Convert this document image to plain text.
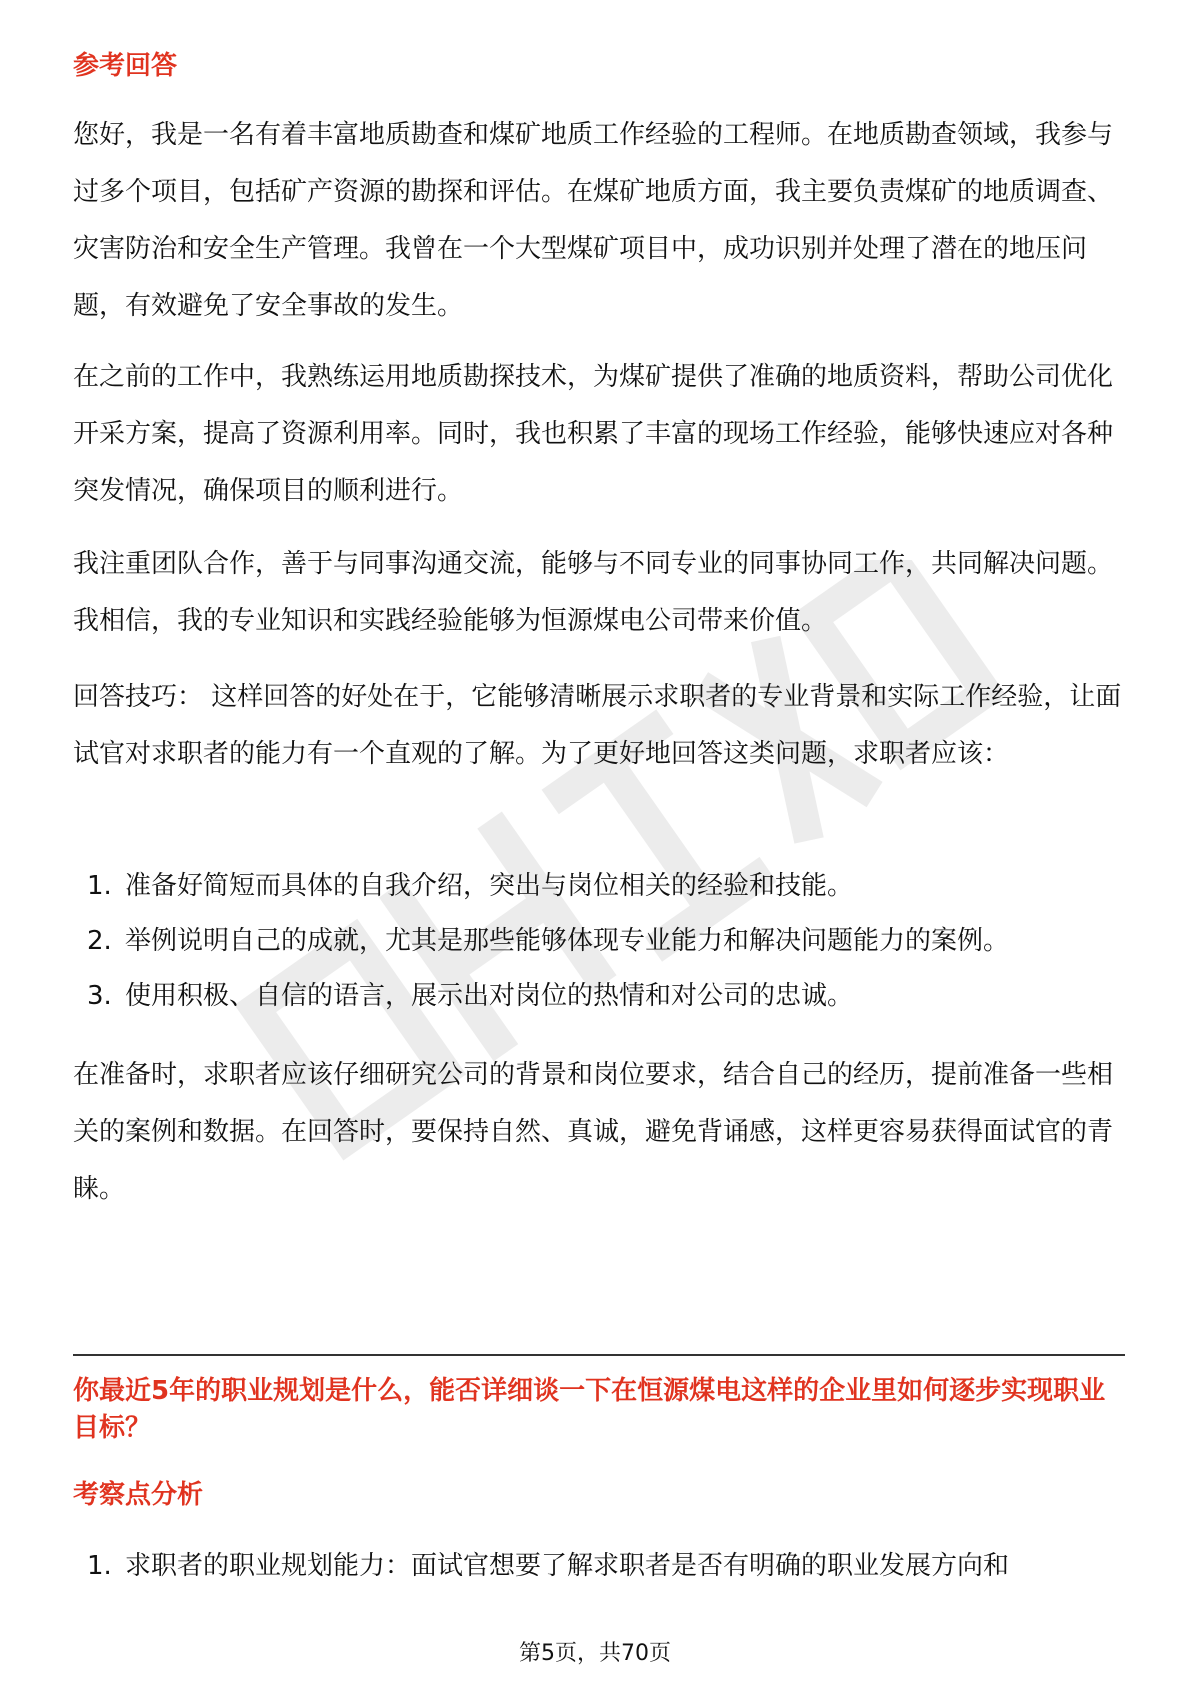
参考回答

您好，我是一名有着丰富地质勘查和煤矿地质工作经验的工程师。在地质勘查领域，我参与过多个项目，包括矿产资源的勘探和评估。在煤矿地质方面，我主要负责煤矿的地质调查、灾害防治和安全生产管理。我曾在一个大型煤矿项目中，成功识别并处理了潜在的地压问题，有效避免了安全事故的发生。

在之前的工作中，我熟练运用地质勘探技术，为煤矿提供了准确的地质资料，帮助公司优化开采方案，提高了资源利用率。同时，我也积累了丰富的现场工作经验，能够快速应对各种突发情况，确保项目的顺利进行。

我注重团队合作，善于与同事沟通交流，能够与不同专业的同事协同工作，共同解决问题。我相信，我的专业知识和实践经验能够为恒源煤电公司带来价值。

回答技巧： 这样回答的好处在于，它能够清晰展示求职者的专业背景和实际工作经验，让面试官对求职者的能力有一个直观的了解。为了更好地回答这类问题，求职者应该：

1. 准备好简短而具体的自我介绍，突出与岗位相关的经验和技能。
2. 举例说明自己的成就，尤其是那些能够体现专业能力和解决问题能力的案例。
3. 使用积极、自信的语言，展示出对岗位的热情和对公司的忠诚。

在准备时，求职者应该仔细研究公司的背景和岗位要求，结合自己的经历，提前准备一些相关的案例和数据。在回答时，要保持自然、真诚，避免背诵感，这样更容易获得面试官的青睐。

你最近5年的职业规划是什么，能否详细谈一下在恒源煤电这样的企业里如何逐步实现职业目标？
考察点分析
1. 求职者的职业规划能力：面试官想要了解求职者是否有明确的职业发展方向和
第5页，共70页
